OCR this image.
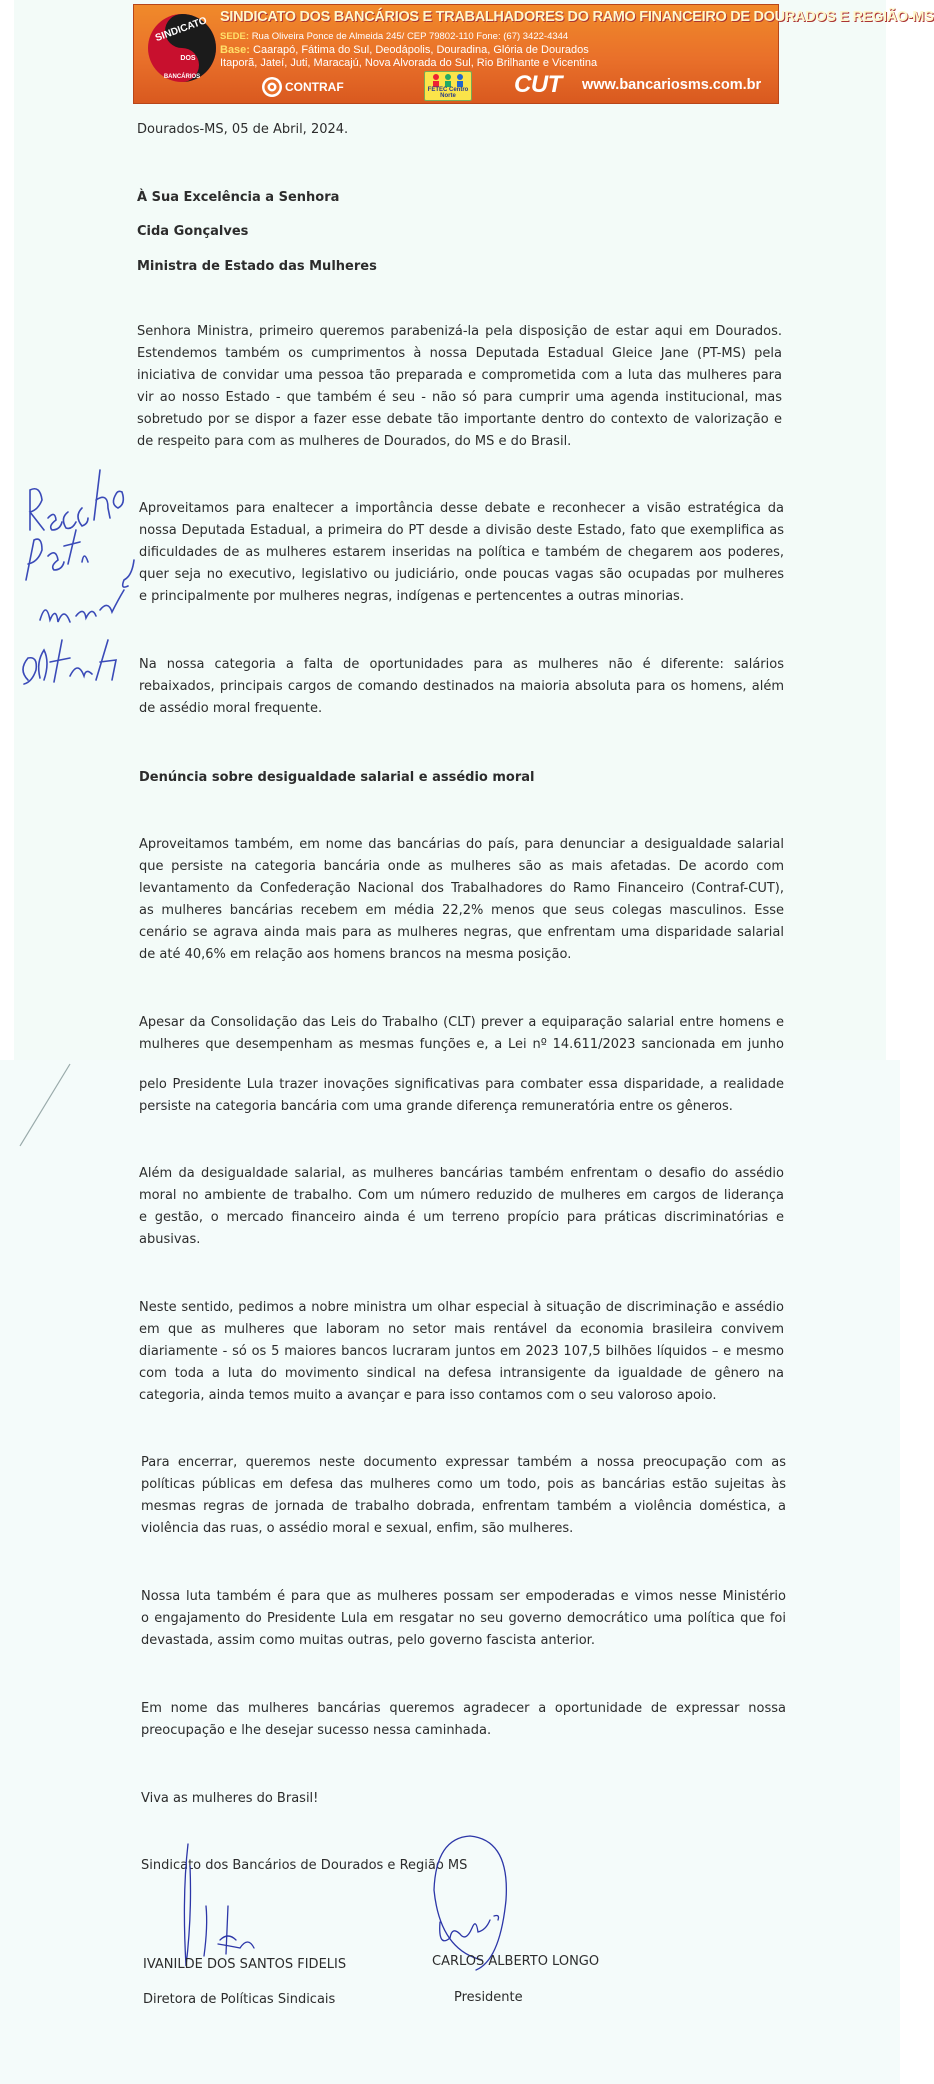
SINDICATO
DOS
BANCÁRIOS
SINDICATO DOS BANCÁRIOS E TRABALHADORES DO RAMO FINANCEIRO DE DOURADOS E REGIÃO-MS
SEDE: Rua Oliveira Ponce de Almeida 245/ CEP 79802-110 Fone: (67) 3422-4344
Base: Caarapó, Fátima do Sul, Deodápolis, Douradina, Glória de Dourados
Itaporã, Jateí, Juti, Maracajú, Nova Alvorada do Sul, Rio Brilhante e Vicentina
CONTRAF	FETEC Centro Norte	CUT www.bancariosms.com.br

Dourados-MS, 05 de Abril, 2024.

À Sua Excelência a Senhora

Cida Gonçalves

Ministra de Estado das Mulheres

Senhora Ministra, primeiro queremos parabenizá-la pela disposição de estar aqui em Dourados.

Estendemos também os cumprimentos à nossa Deputada Estadual Gleice Jane (PT-MS) pela

iniciativa de convidar uma pessoa tão preparada e comprometida com a luta das mulheres para

vir ao nosso Estado - que também é seu - não só para cumprir uma agenda institucional, mas

sobretudo por se dispor a fazer esse debate tão importante dentro do contexto de valorização e

de respeito para com as mulheres de Dourados, do MS e do Brasil.

Aproveitamos para enaltecer a importância desse debate e reconhecer a visão estratégica da

nossa Deputada Estadual, a primeira do PT desde a divisão deste Estado, fato que exemplifica as

dificuldades de as mulheres estarem inseridas na política e também de chegarem aos poderes,

quer seja no executivo, legislativo ou judiciário, onde poucas vagas são ocupadas por mulheres

e principalmente por mulheres negras, indígenas e pertencentes a outras minorias.

Na nossa categoria a falta de oportunidades para as mulheres não é diferente: salários

rebaixados, principais cargos de comando destinados na maioria absoluta para os homens, além

de assédio moral frequente.

Denúncia sobre desigualdade salarial e assédio moral

Aproveitamos também, em nome das bancárias do país, para denunciar a desigualdade salarial

que persiste na categoria bancária onde as mulheres são as mais afetadas. De acordo com

levantamento da Confederação Nacional dos Trabalhadores do Ramo Financeiro (Contraf-CUT),

as mulheres bancárias recebem em média 22,2% menos que seus colegas masculinos. Esse

cenário se agrava ainda mais para as mulheres negras, que enfrentam uma disparidade salarial

de até 40,6% em relação aos homens brancos na mesma posição.

Apesar da Consolidação das Leis do Trabalho (CLT) prever a equiparação salarial entre homens e

mulheres que desempenham as mesmas funções e, a Lei nº 14.611/2023 sancionada em junho

pelo Presidente Lula trazer inovações significativas para combater essa disparidade, a realidade

persiste na categoria bancária com uma grande diferença remuneratória entre os gêneros.

Além da desigualdade salarial, as mulheres bancárias também enfrentam o desafio do assédio

moral no ambiente de trabalho. Com um número reduzido de mulheres em cargos de liderança

e gestão, o mercado financeiro ainda é um terreno propício para práticas discriminatórias e

abusivas.

Neste sentido, pedimos a nobre ministra um olhar especial à situação de discriminação e assédio

em que as mulheres que laboram no setor mais rentável da economia brasileira convivem

diariamente - só os 5 maiores bancos lucraram juntos em 2023 107,5 bilhões líquidos – e mesmo

com toda a luta do movimento sindical na defesa intransigente da igualdade de gênero na

categoria, ainda temos muito a avançar e para isso contamos com o seu valoroso apoio.

Para encerrar, queremos neste documento expressar também a nossa preocupação com as

políticas públicas em defesa das mulheres como um todo, pois as bancárias estão sujeitas às

mesmas regras de jornada de trabalho dobrada, enfrentam também a violência doméstica, a

violência das ruas, o assédio moral e sexual, enfim, são mulheres.

Nossa luta também é para que as mulheres possam ser empoderadas e vimos nesse Ministério

o engajamento do Presidente Lula em resgatar no seu governo democrático uma política que foi

devastada, assim como muitas outras, pelo governo fascista anterior.

Em nome das mulheres bancárias queremos agradecer a oportunidade de expressar nossa

preocupação e lhe desejar sucesso nessa caminhada.

Viva as mulheres do Brasil!

Sindicato dos Bancários de Dourados e Região MS

IVANILDE DOS SANTOS FIDELIS

Diretora de Políticas Sindicais

CARLOS ALBERTO LONGO

Presidente
